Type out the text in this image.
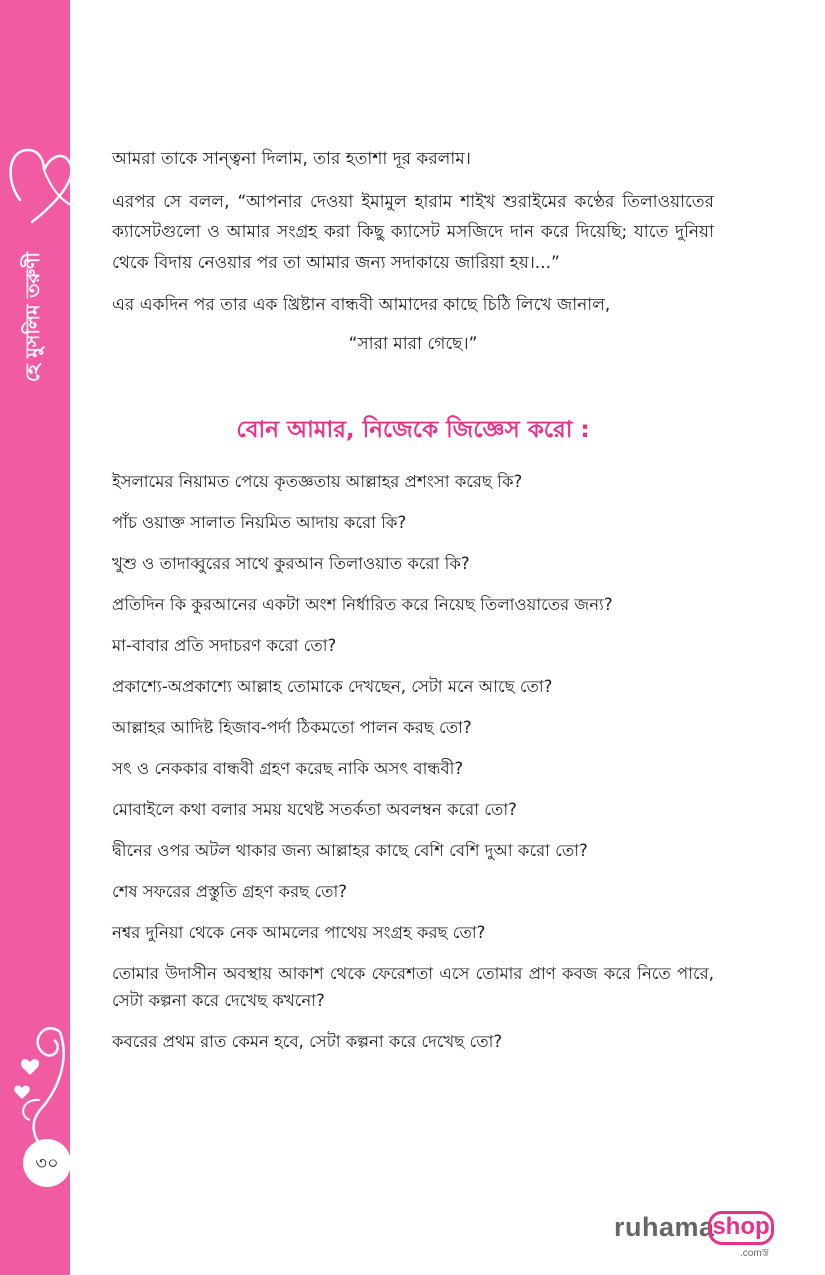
হে মুসলিম তরুণী
৩০

আমরা তাকে সান্ত্বনা দিলাম, তার হতাশা দূর করলাম।

এরপর সে বলল, “আপনার দেওয়া ইমামুল হারাম শাইখ শুরাইমের কণ্ঠের তিলাওয়াতের ক্যাসেটগুলো ও আমার সংগ্রহ করা কিছু ক্যাসেট মসজিদে দান করে দিয়েছি; যাতে দুনিয়া থেকে বিদায় নেওয়ার পর তা আমার জন্য সদাকায়ে জারিয়া হয়।...”

এর একদিন পর তার এক খ্রিষ্টান বান্ধবী আমাদের কাছে চিঠি লিখে জানাল,

“সারা মারা গেছে।”

বোন আমার, নিজেকে জিজ্ঞেস করো :
ইসলামের নিয়ামত পেয়ে কৃতজ্ঞতায় আল্লাহর প্রশংসা করেছ কি?
পাঁচ ওয়াক্ত সালাত নিয়মিত আদায় করো কি?
খুশু ও তাদাব্বুরের সাথে কুরআন তিলাওয়াত করো কি?
প্রতিদিন কি কুরআনের একটা অংশ নির্ধারিত করে নিয়েছ তিলাওয়াতের জন্য?
মা-বাবার প্রতি সদাচরণ করো তো?
প্রকাশ্যে-অপ্রকাশ্যে আল্লাহ তোমাকে দেখছেন, সেটা মনে আছে তো?
আল্লাহর আদিষ্ট হিজাব-পর্দা ঠিকমতো পালন করছ তো?
সৎ ও নেককার বান্ধবী গ্রহণ করেছ নাকি অসৎ বান্ধবী?
মোবাইলে কথা বলার সময় যথেষ্ট সতর্কতা অবলম্বন করো তো?
দ্বীনের ওপর অটল থাকার জন্য আল্লাহর কাছে বেশি বেশি দুআ করো তো?
শেষ সফরের প্রস্তুতি গ্রহণ করছ তো?
নশ্বর দুনিয়া থেকে নেক আমলের পাথেয় সংগ্রহ করছ তো?
তোমার উদাসীন অবস্থায় আকাশ থেকে ফেরেশতা এসে তোমার প্রাণ কবজ করে নিতে পারে, সেটা কল্পনা করে দেখেছ কখনো?
কবরের প্রথম রাত কেমন হবে, সেটা কল্পনা করে দেখেছ তো?
ruhama
shop
.comস্ত
